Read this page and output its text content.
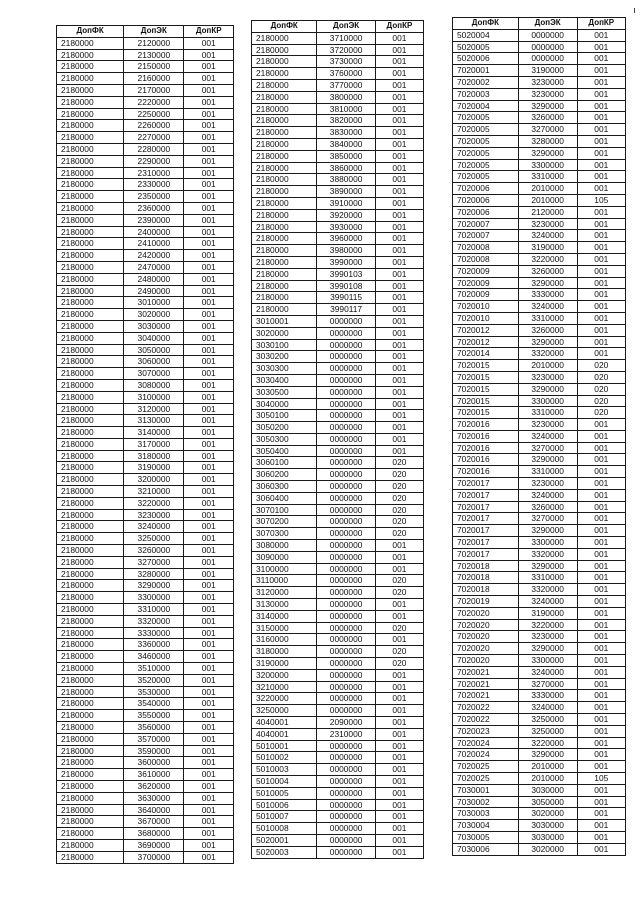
ДопФК	ДопЭК	ДопКР
2180000	2120000	001
2180000	2130000	001
2180000	2150000	001
2180000	2160000	001
2180000	2170000	001
2180000	2220000	001
2180000	2250000	001
2180000	2260000	001
2180000	2270000	001
2180000	2280000	001
2180000	2290000	001
2180000	2310000	001
2180000	2330000	001
2180000	2350000	001
2180000	2360000	001
2180000	2390000	001
2180000	2400000	001
2180000	2410000	001
2180000	2420000	001
2180000	2470000	001
2180000	2480000	001
2180000	2490000	001
2180000	3010000	001
2180000	3020000	001
2180000	3030000	001
2180000	3040000	001
2180000	3050000	001
2180000	3060000	001
2180000	3070000	001
2180000	3080000	001
2180000	3100000	001
2180000	3120000	001
2180000	3130000	001
2180000	3140000	001
2180000	3170000	001
2180000	3180000	001
2180000	3190000	001
2180000	3200000	001
2180000	3210000	001
2180000	3220000	001
2180000	3230000	001
2180000	3240000	001
2180000	3250000	001
2180000	3260000	001
2180000	3270000	001
2180000	3280000	001
2180000	3290000	001
2180000	3300000	001
2180000	3310000	001
2180000	3320000	001
2180000	3330000	001
2180000	3360000	001
2180000	3460000	001
2180000	3510000	001
2180000	3520000	001
2180000	3530000	001
2180000	3540000	001
2180000	3550000	001
2180000	3560000	001
2180000	3570000	001
2180000	3590000	001
2180000	3600000	001
2180000	3610000	001
2180000	3620000	001
2180000	3630000	001
2180000	3640000	001
2180000	3670000	001
2180000	3680000	001
2180000	3690000	001
2180000	3700000	001
ДопФК	ДопЭК	ДопКР
2180000	3710000	001
2180000	3720000	001
2180000	3730000	001
2180000	3760000	001
2180000	3770000	001
2180000	3800000	001
2180000	3810000	001
2180000	3820000	001
2180000	3830000	001
2180000	3840000	001
2180000	3850000	001
2180000	3860000	001
2180000	3880000	001
2180000	3890000	001
2180000	3910000	001
2180000	3920000	001
2180000	3930000	001
2180000	3960000	001
2180000	3980000	001
2180000	3990000	001
2180000	3990103	001
2180000	3990108	001
2180000	3990115	001
2180000	3990117	001
3010001	0000000	001
3020000	0000000	001
3030100	0000000	001
3030200	0000000	001
3030300	0000000	001
3030400	0000000	001
3030500	0000000	001
3040000	0000000	001
3050100	0000000	001
3050200	0000000	001
3050300	0000000	001
3050400	0000000	001
3060100	0000000	020
3060200	0000000	020
3060300	0000000	020
3060400	0000000	020
3070100	0000000	020
3070200	0000000	020
3070300	0000000	020
3080000	0000000	001
3090000	0000000	001
3100000	0000000	001
3110000	0000000	020
3120000	0000000	020
3130000	0000000	001
3140000	0000000	001
3150000	0000000	020
3160000	0000000	001
3180000	0000000	020
3190000	0000000	020
3200000	0000000	001
3210000	0000000	001
3220000	0000000	001
3250000	0000000	001
4040001	2090000	001
4040001	2310000	001
5010001	0000000	001
5010002	0000000	001
5010003	0000000	001
5010004	0000000	001
5010005	0000000	001
5010006	0000000	001
5010007	0000000	001
5010008	0000000	001
5020001	0000000	001
5020003	0000000	001
ДопФК	ДопЭК	ДопКР
5020004	0000000	001
5020005	0000000	001
5020006	0000000	001
7020001	3190000	001
7020002	3230000	001
7020003	3230000	001
7020004	3290000	001
7020005	3260000	001
7020005	3270000	001
7020005	3280000	001
7020005	3290000	001
7020005	3300000	001
7020005	3310000	001
7020006	2010000	001
7020006	2010000	105
7020006	2120000	001
7020007	3230000	001
7020007	3240000	001
7020008	3190000	001
7020008	3220000	001
7020009	3260000	001
7020009	3290000	001
7020009	3330000	001
7020010	3240000	001
7020010	3310000	001
7020012	3260000	001
7020012	3290000	001
7020014	3320000	001
7020015	2010000	020
7020015	3230000	020
7020015	3290000	020
7020015	3300000	020
7020015	3310000	020
7020016	3230000	001
7020016	3240000	001
7020016	3270000	001
7020016	3290000	001
7020016	3310000	001
7020017	3230000	001
7020017	3240000	001
7020017	3260000	001
7020017	3270000	001
7020017	3290000	001
7020017	3300000	001
7020017	3320000	001
7020018	3290000	001
7020018	3310000	001
7020018	3320000	001
7020019	3240000	001
7020020	3190000	001
7020020	3220000	001
7020020	3230000	001
7020020	3290000	001
7020020	3300000	001
7020021	3240000	001
7020021	3270000	001
7020021	3330000	001
7020022	3240000	001
7020022	3250000	001
7020023	3250000	001
7020024	3220000	001
7020024	3290000	001
7020025	2010000	001
7020025	2010000	105
7030001	3030000	001
7030002	3050000	001
7030003	3020000	001
7030004	3030000	001
7030005	3030000	001
7030006	3020000	001
